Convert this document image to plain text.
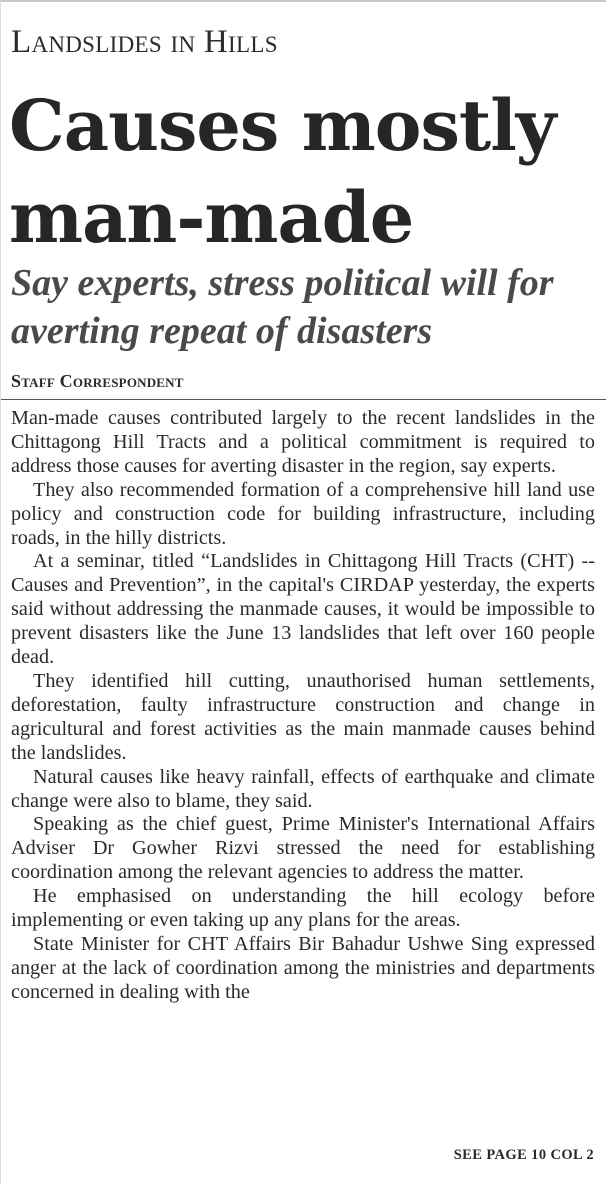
Landslides in Hills
Causes mostly man-made
Say experts, stress political will for averting repeat of disasters
Staff Correspondent

Man-made causes contributed largely to the recent landslides in the Chittagong Hill Tracts and a political commitment is required to address those causes for averting disaster in the region, say experts.

They also recommended formation of a comprehensive hill land use policy and construction code for building infrastructure, including roads, in the hilly districts.

At a seminar, titled “Landslides in Chittagong Hill Tracts (CHT) -- Causes and Prevention”, in the capital's CIRDAP yesterday, the experts said without addressing the manmade causes, it would be impossible to prevent disasters like the June 13 landslides that left over 160 people dead.

They identified hill cutting, unauthorised human settlements, deforestation, faulty infrastructure construction and change in agricultural and forest activities as the main manmade causes behind the landslides.

Natural causes like heavy rainfall, effects of earthquake and climate change were also to blame, they said.

Speaking as the chief guest, Prime Minister's International Affairs Adviser Dr Gowher Rizvi stressed the need for establishing coordination among the relevant agencies to address the matter.

He emphasised on understanding the hill ecology before implementing or even taking up any plans for the areas.

State Minister for CHT Affairs Bir Bahadur Ushwe Sing expressed anger at the lack of coordination among the ministries and departments concerned in dealing with the

SEE PAGE 10 COL 2
